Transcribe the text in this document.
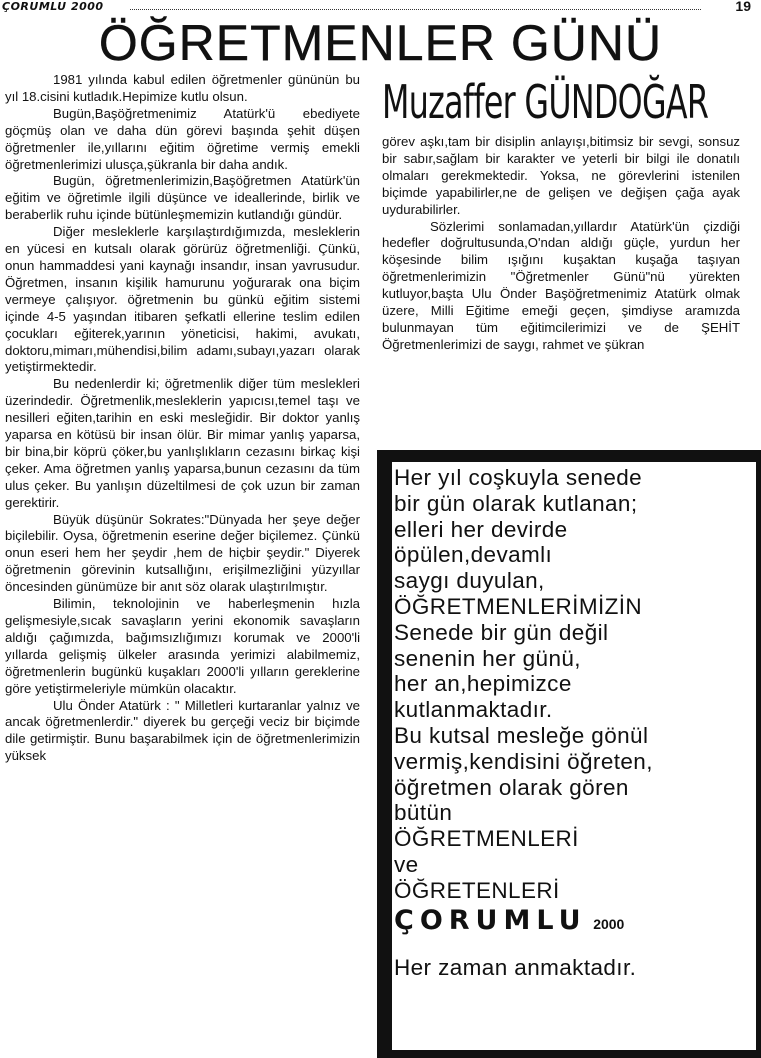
ÇORUMLU 2000	19
ÖĞRETMENLER GÜNÜ

1981 yılında kabul edilen öğretmenler gününün bu yıl 18.cisini kutladık.Hepimize kutlu olsun.

Bugün,Başöğretmenimiz Atatürk'ü ebediyete göçmüş olan ve daha dün görevi başında şehit düşen öğretmenler ile,yıllarını eğitim öğretime vermiş emekli öğretmenlerimizi ulusça,şükranla bir daha andık.

Bugün, öğretmenlerimizin,Başöğretmen Atatürk'ün eğitim ve öğretimle ilgili düşünce ve ideallerinde, birlik ve beraberlik ruhu içinde bütünleşmemizin kutlandığı gündür.

Diğer mesleklerle karşılaştırdığımızda, mesleklerin en yücesi en kutsalı olarak görürüz öğretmenliği. Çünkü, onun hammaddesi yani kaynağı insandır, insan yavrusudur. Öğretmen, insanın kişilik hamurunu yoğurarak ona biçim vermeye çalışıyor. öğretmenin bu günkü eğitim sistemi içinde 4-5 yaşından itibaren şefkatli ellerine teslim edilen çocukları eğiterek,yarının yöneticisi, hakimi, avukatı, doktoru,mimarı,mühendisi,bilim adamı,subayı,yazarı olarak yetiştirmektedir.

Bu nedenlerdir ki; öğretmenlik diğer tüm meslekleri üzerindedir. Öğretmenlik,mesleklerin yapıcısı,temel taşı ve nesilleri eğiten,tarihin en eski mesleğidir. Bir doktor yanlış yaparsa en kötüsü bir insan ölür. Bir mimar yanlış yaparsa, bir bina,bir köprü çöker,bu yanlışlıkların cezasını birkaç kişi çeker. Ama öğretmen yanlış yaparsa,bunun cezasını da tüm ulus çeker. Bu yanlışın düzeltilmesi de çok uzun bir zaman gerektirir.

Büyük düşünür Sokrates:"Dünyada her şeye değer biçilebilir. Oysa, öğretmenin eserine değer biçilemez. Çünkü onun eseri hem her şeydir ,hem de hiçbir şeydir." Diyerek öğretmenin görevinin kutsallığını, erişilmezliğini yüzyıllar öncesinden günümüze bir anıt söz olarak ulaştırılmıştır.

Bilimin, teknolojinin ve haberleşmenin hızla gelişmesiyle,sıcak savaşların yerini ekonomik savaşların aldığı çağımızda, bağımsızlığımızı korumak ve 2000'li yıllarda gelişmiş ülkeler arasında yerimizi alabilmemiz, öğretmenlerin bugünkü kuşakları 2000'li yılların gereklerine göre yetiştirmeleriyle mümkün olacaktır.

Ulu Önder Atatürk : " Milletleri kurtaranlar yalnız ve ancak öğretmenlerdir." diyerek bu gerçeği veciz bir biçimde dile getirmiştir. Bunu başarabilmek için de öğretmenlerimizin yüksek

Muzaffer GÜNDOĞAR

görev aşkı,tam bir disiplin anlayışı,bitimsiz bir sevgi, sonsuz bir sabır,sağlam bir karakter ve yeterli bir bilgi ile donatılı olmaları gerekmektedir. Yoksa, ne görevlerini istenilen biçimde yapabilirler,ne de gelişen ve değişen çağa ayak uydurabilirler.

Sözlerimi sonlamadan,yıllardır Atatürk'ün çizdiği hedefler doğrultusunda,O'ndan aldığı güçle, yurdun her köşesinde bilim ışığını kuşaktan kuşağa taşıyan öğretmenlerimizin "Öğretmenler Günü"nü yürekten kutluyor,başta Ulu Önder Başöğretmenimiz Atatürk olmak üzere, Milli Eğitime emeği geçen, şimdiyse aramızda bulunmayan tüm eğitimcilerimizi ve de ŞEHİT Öğretmenlerimizi de saygı, rahmet ve şükran

Her yıl coşkuyla senede
bir gün olarak kutlanan;
elleri her devirde
öpülen,devamlı
saygı duyulan,
ÖĞRETMENLERİMİZİN
Senede bir gün değil
senenin her günü,
her an,hepimizce
kutlanmaktadır.
Bu kutsal mesleğe gönül
vermiş,kendisini öğreten,
öğretmen olarak gören
bütün
ÖĞRETMENLERİ
ve
ÖĞRETENLERİ
ÇORUMLU 2000
Her zaman anmaktadır.
